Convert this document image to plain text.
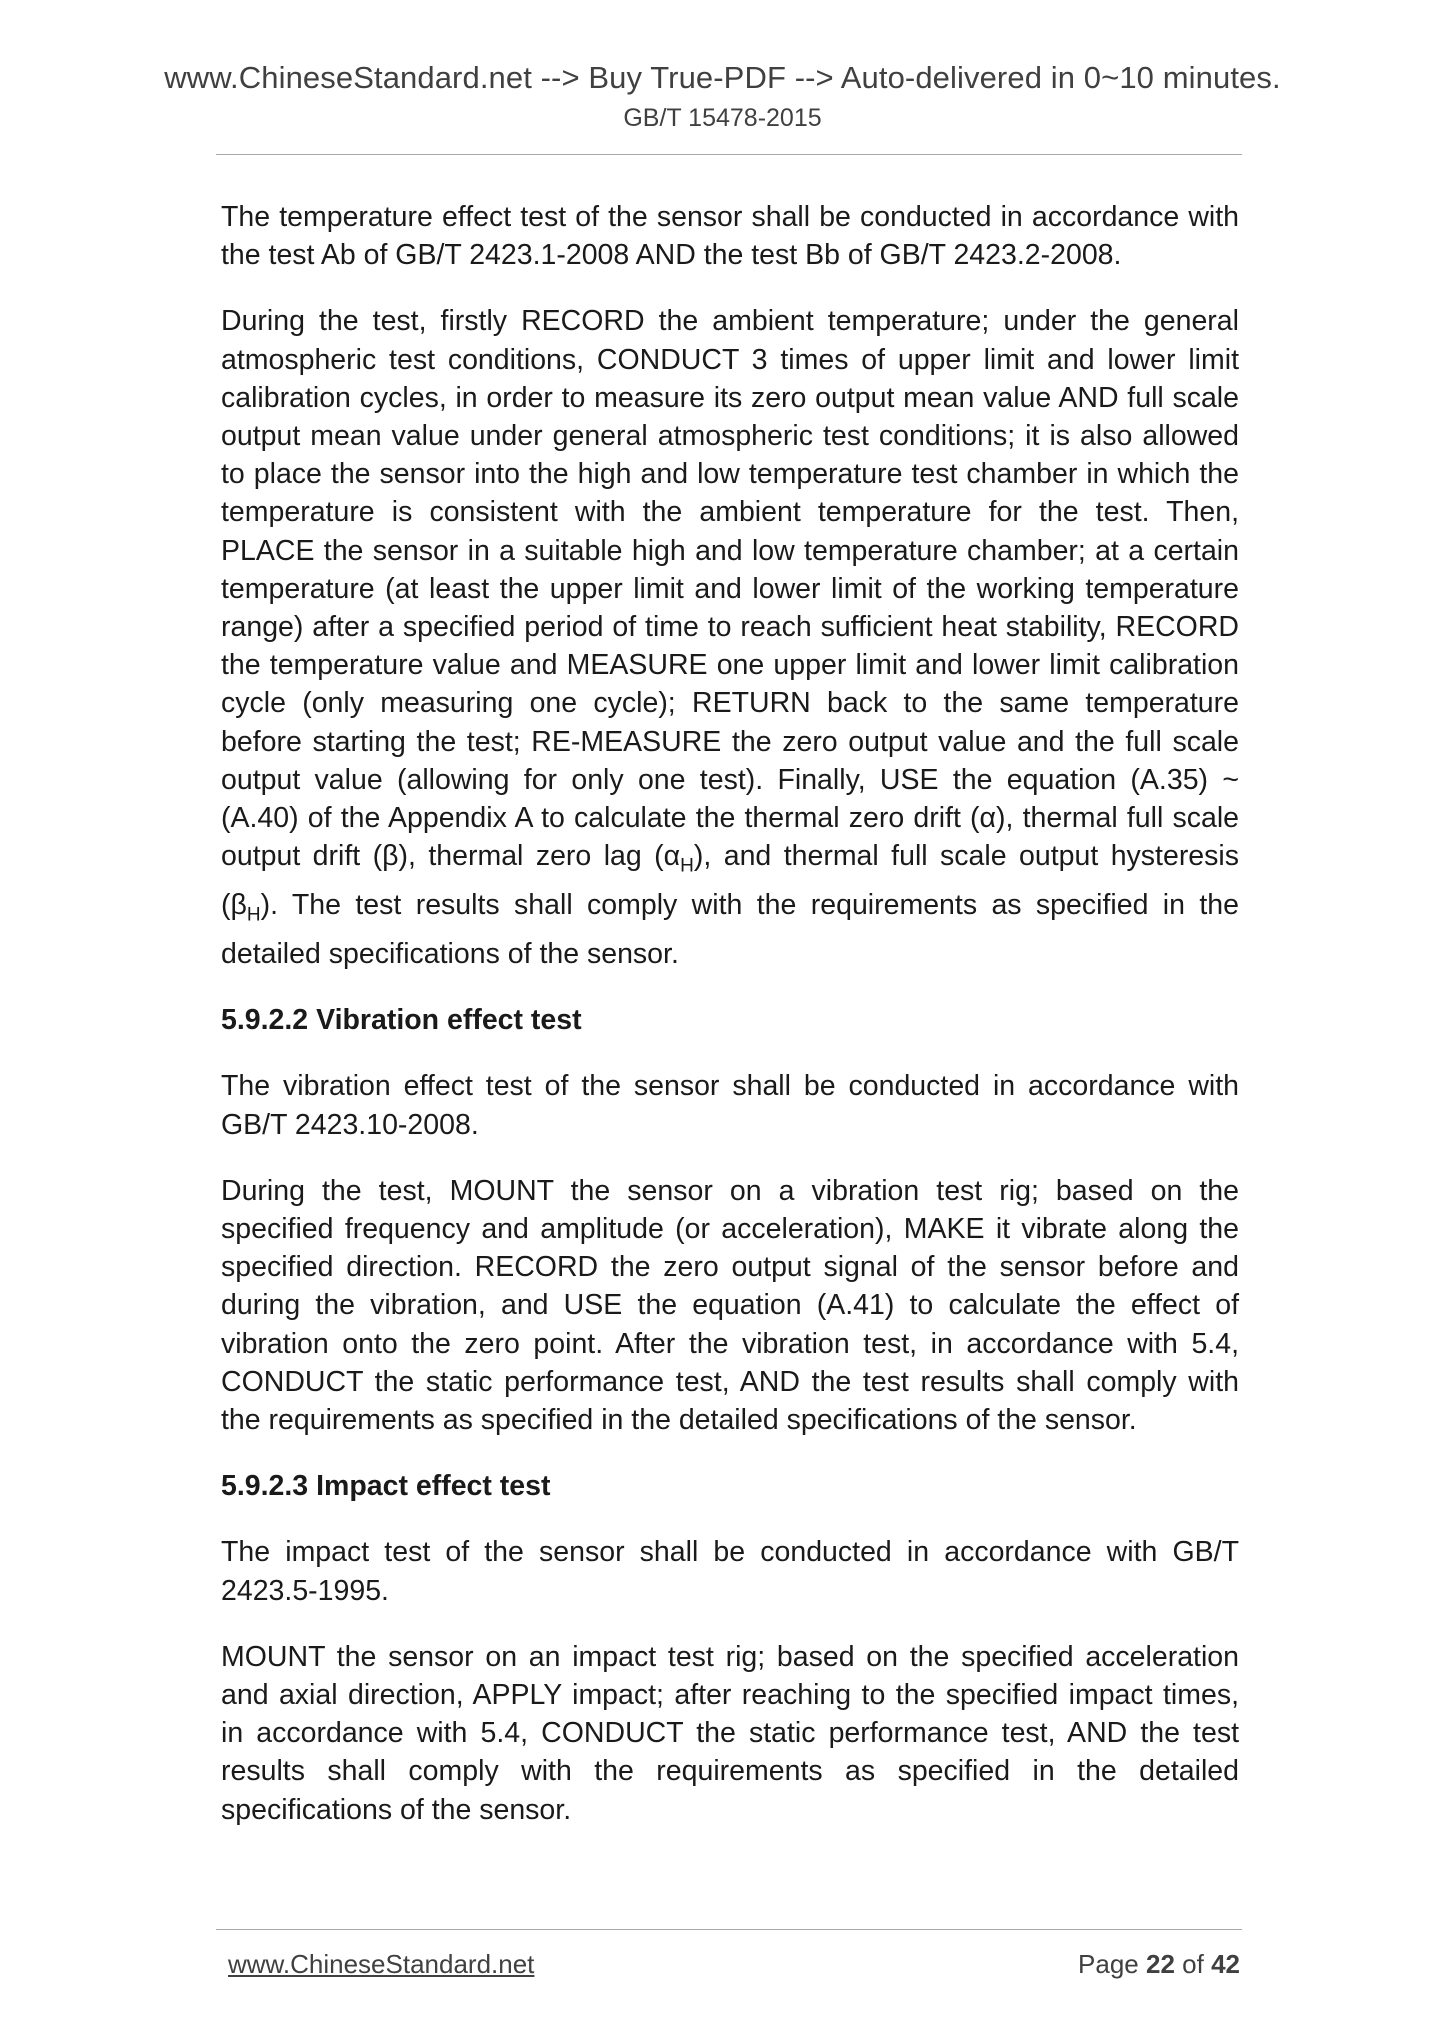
www.ChineseStandard.net --> Buy True-PDF --> Auto-delivered in 0~10 minutes.
GB/T 15478-2015

The temperature effect test of the sensor shall be conducted in accordance with the test Ab of GB/T 2423.1-2008 AND the test Bb of GB/T 2423.2-2008.

During the test, firstly RECORD the ambient temperature; under the general atmospheric test conditions, CONDUCT 3 times of upper limit and lower limit calibration cycles, in order to measure its zero output mean value AND full scale output mean value under general atmospheric test conditions; it is also allowed to place the sensor into the high and low temperature test chamber in which the temperature is consistent with the ambient temperature for the test. Then, PLACE the sensor in a suitable high and low temperature chamber; at a certain temperature (at least the upper limit and lower limit of the working temperature range) after a specified period of time to reach sufficient heat stability, RECORD the temperature value and MEASURE one upper limit and lower limit calibration cycle (only measuring one cycle); RETURN back to the same temperature before starting the test; RE-MEASURE the zero output value and the full scale output value (allowing for only one test). Finally, USE the equation (A.35) ~ (A.40) of the Appendix A to calculate the thermal zero drift (α), thermal full scale output drift (β), thermal zero lag $(\alpha_H)$, and thermal full scale output hysteresis $(\beta_H)$. The test results shall comply with the requirements as specified in the detailed specifications of the sensor.

5.9.2.2 Vibration effect test

The vibration effect test of the sensor shall be conducted in accordance with GB/T 2423.10-2008.

During the test, MOUNT the sensor on a vibration test rig; based on the specified frequency and amplitude (or acceleration), MAKE it vibrate along the specified direction. RECORD the zero output signal of the sensor before and during the vibration, and USE the equation (A.41) to calculate the effect of vibration onto the zero point. After the vibration test, in accordance with 5.4, CONDUCT the static performance test, AND the test results shall comply with the requirements as specified in the detailed specifications of the sensor.

5.9.2.3 Impact effect test

The impact test of the sensor shall be conducted in accordance with GB/T 2423.5-1995.

MOUNT the sensor on an impact test rig; based on the specified acceleration and axial direction, APPLY impact; after reaching to the specified impact times, in accordance with 5.4, CONDUCT the static performance test, AND the test results shall comply with the requirements as specified in the detailed specifications of the sensor.

www.ChineseStandard.net	Page 22 of 42
